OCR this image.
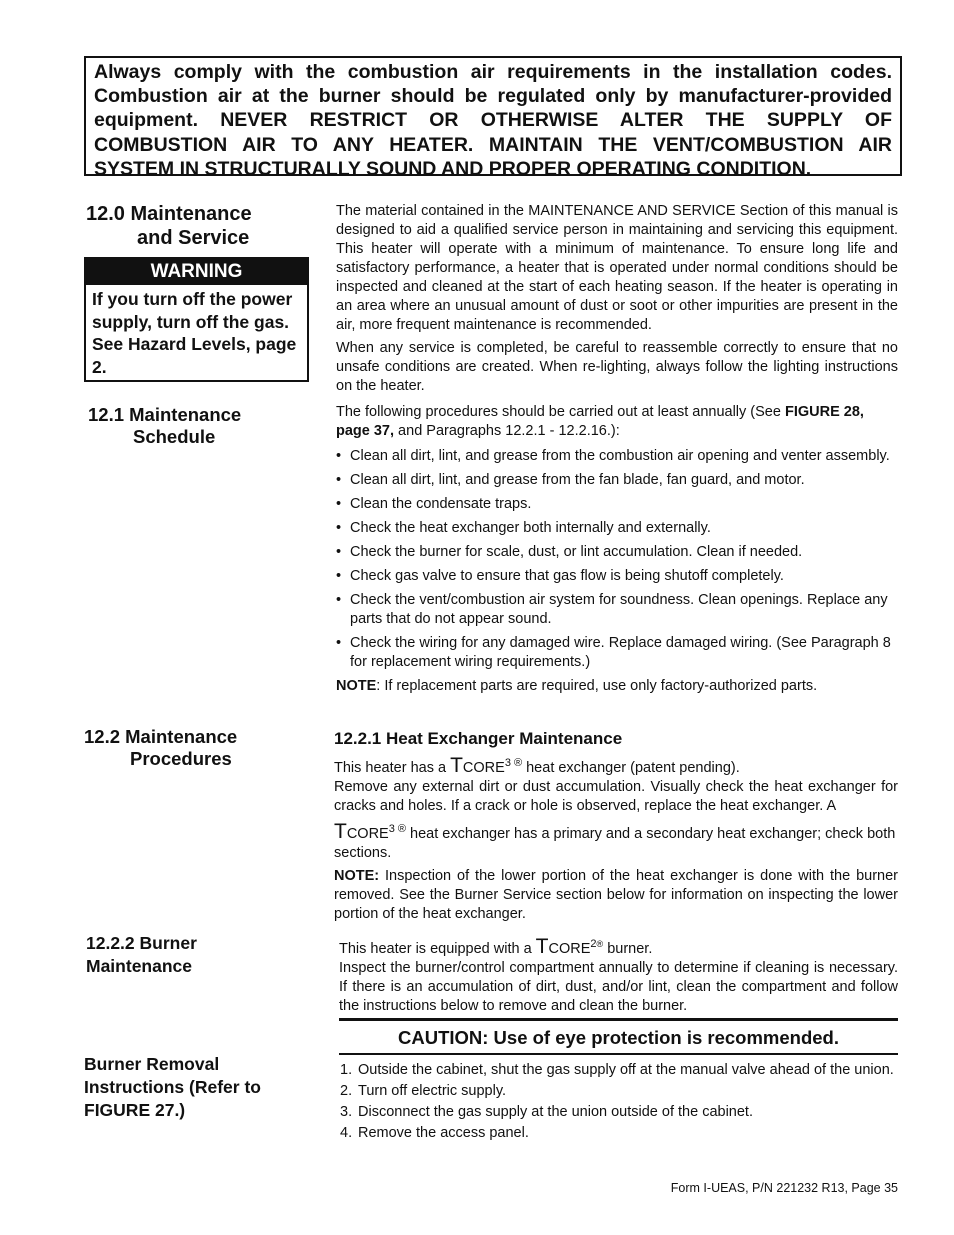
Always comply with the combustion air requirements in the installation codes. Combustion air at the burner should be regulated only by manufacturer-provided equipment. NEVER RESTRICT OR OTHERWISE ALTER THE SUPPLY OF COMBUSTION AIR TO ANY HEATER. MAINTAIN THE VENT/COMBUSTION AIR SYSTEM IN STRUCTURALLY SOUND AND PROPER OPERATING CONDITION.

12.0 Maintenance
and Service
WARNING
If you turn off the power supply, turn off the gas. See Hazard Levels, page 2.
The material contained in the MAINTENANCE AND SERVICE Section of this manual is designed to aid a qualified service person in maintaining and servicing this equipment. This heater will operate with a minimum of maintenance. To ensure long life and satisfactory performance, a heater that is operated under normal conditions should be inspected and cleaned at the start of each heating season. If the heater is operating in an area where an unusual amount of dust or soot or other impurities are present in the air, more frequent maintenance is recommended.
When any service is completed, be careful to reassemble correctly to ensure that no unsafe conditions are created. When re-lighting, always follow the lighting instructions on the heater.
12.1 Maintenance
Schedule
The following procedures should be carried out at least annually (See FIGURE 28, page 37, and Paragraphs 12.2.1 - 12.2.16.):
• Clean all dirt, lint, and grease from the combustion air opening and venter assembly.
• Clean all dirt, lint, and grease from the fan blade, fan guard, and motor.
• Clean the condensate traps.
• Check the heat exchanger both internally and externally.
• Check the burner for scale, dust, or lint accumulation. Clean if needed.
• Check gas valve to ensure that gas flow is being shutoff completely.
• Check the vent/combustion air system for soundness. Clean openings. Replace any parts that do not appear sound.
• Check the wiring for any damaged wire. Replace damaged wiring. (See Paragraph 8 for replacement wiring requirements.)
NOTE: If replacement parts are required, use only factory-authorized parts.
12.2 Maintenance
Procedures
12.2.1 Heat Exchanger Maintenance
This heater has a $TCORE^{3 ®}$ heat exchanger (patent pending).
Remove any external dirt or dust accumulation. Visually check the heat exchanger for cracks and holes. If a crack or hole is observed, replace the heat exchanger. A
$TCORE^{3 ®}$ heat exchanger has a primary and a secondary heat exchanger; check both sections.
NOTE: Inspection of the lower portion of the heat exchanger is done with the burner removed. See the Burner Service section below for information on inspecting the lower portion of the heat exchanger.
12.2.2 Burner
Maintenance
This heater is equipped with a $TCORE^{2®}$ burner.
Inspect the burner/control compartment annually to determine if cleaning is necessary. If there is an accumulation of dirt, dust, and/or lint, clean the compartment and follow the instructions below to remove and clean the burner.
CAUTION: Use of eye protection is recommended.
Burner Removal
Instructions (Refer to
FIGURE 27.)
1. Outside the cabinet, shut the gas supply off at the manual valve ahead of the union.
2. Turn off electric supply.
3. Disconnect the gas supply at the union outside of the cabinet.
4. Remove the access panel.
Form I-UEAS, P/N 221232 R13, Page 35
